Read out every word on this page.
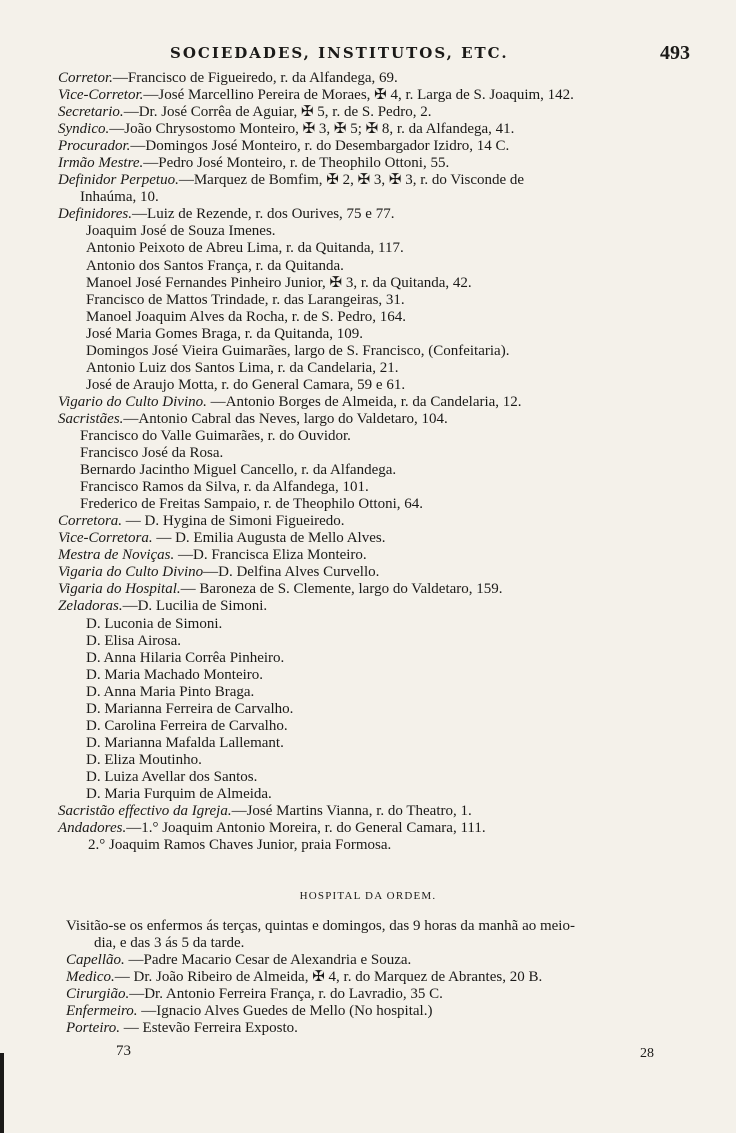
SOCIEDADES, INSTITUTOS, ETC.	493
Corretor.—Francisco de Figueiredo, r. da Alfandega, 69.
Vice-Corretor.—José Marcellino Pereira de Moraes, ✠ 4, r. Larga de S. Joaquim, 142.
Secretario.—Dr. José Corrêa de Aguiar, ✠ 5, r. de S. Pedro, 2.
Syndico.—João Chrysostomo Monteiro, ✠ 3, ✠ 5; ✠ 8, r. da Alfandega, 41.
Procurador.—Domingos José Monteiro, r. do Desembargador Izidro, 14 C.
Irmão Mestre.—Pedro José Monteiro, r. de Theophilo Ottoni, 55.
Definidor Perpetuo.—Marquez de Bomfim, ✠ 2, ✠ 3, ✠ 3, r. do Visconde de
Inhaúma, 10.
Definidores.—Luiz de Rezende, r. dos Ourives, 75 e 77.
Joaquim José de Souza Imenes.
Antonio Peixoto de Abreu Lima, r. da Quitanda, 117.
Antonio dos Santos França, r. da Quitanda.
Manoel José Fernandes Pinheiro Junior, ✠ 3, r. da Quitanda, 42.
Francisco de Mattos Trindade, r. das Larangeiras, 31.
Manoel Joaquim Alves da Rocha, r. de S. Pedro, 164.
José Maria Gomes Braga, r. da Quitanda, 109.
Domingos José Vieira Guimarães, largo de S. Francisco, (Confeitaria).
Antonio Luiz dos Santos Lima, r. da Candelaria, 21.
José de Araujo Motta, r. do General Camara, 59 e 61.
Vigario do Culto Divino. —Antonio Borges de Almeida, r. da Candelaria, 12.
Sacristães.—Antonio Cabral das Neves, largo do Valdetaro, 104.
Francisco do Valle Guimarães, r. do Ouvidor.
Francisco José da Rosa.
Bernardo Jacintho Miguel Cancello, r. da Alfandega.
Francisco Ramos da Silva, r. da Alfandega, 101.
Frederico de Freitas Sampaio, r. de Theophilo Ottoni, 64.
Corretora. — D. Hygina de Simoni Figueiredo.
Vice-Corretora. — D. Emilia Augusta de Mello Alves.
Mestra de Noviças. —D. Francisca Eliza Monteiro.
Vigaria do Culto Divino—D. Delfina Alves Curvello.
Vigaria do Hospital.— Baroneza de S. Clemente, largo do Valdetaro, 159.
Zeladoras.—D. Lucilia de Simoni.
D. Luconia de Simoni.
D. Elisa Airosa.
D. Anna Hilaria Corrêa Pinheiro.
D. Maria Machado Monteiro.
D. Anna Maria Pinto Braga.
D. Marianna Ferreira de Carvalho.
D. Carolina Ferreira de Carvalho.
D. Marianna Mafalda Lallemant.
D. Eliza Moutinho.
D. Luiza Avellar dos Santos.
D. Maria Furquim de Almeida.
Sacristão effectivo da Igreja.—José Martins Vianna, r. do Theatro, 1.
Andadores.—1.° Joaquim Antonio Moreira, r. do General Camara, 111.
2.° Joaquim Ramos Chaves Junior, praia Formosa.
HOSPITAL DA ORDEM.
Visitão-se os enfermos ás terças, quintas e domingos, das 9 horas da manhã ao meio-
dia, e das 3 ás 5 da tarde.
Capellão. —Padre Macario Cesar de Alexandria e Souza.
Medico.— Dr. João Ribeiro de Almeida, ✠ 4, r. do Marquez de Abrantes, 20 B.
Cirurgião.—Dr. Antonio Ferreira França, r. do Lavradio, 35 C.
Enfermeiro. —Ignacio Alves Guedes de Mello (No hospital.)
Porteiro. — Estevão Ferreira Exposto.
73	28
